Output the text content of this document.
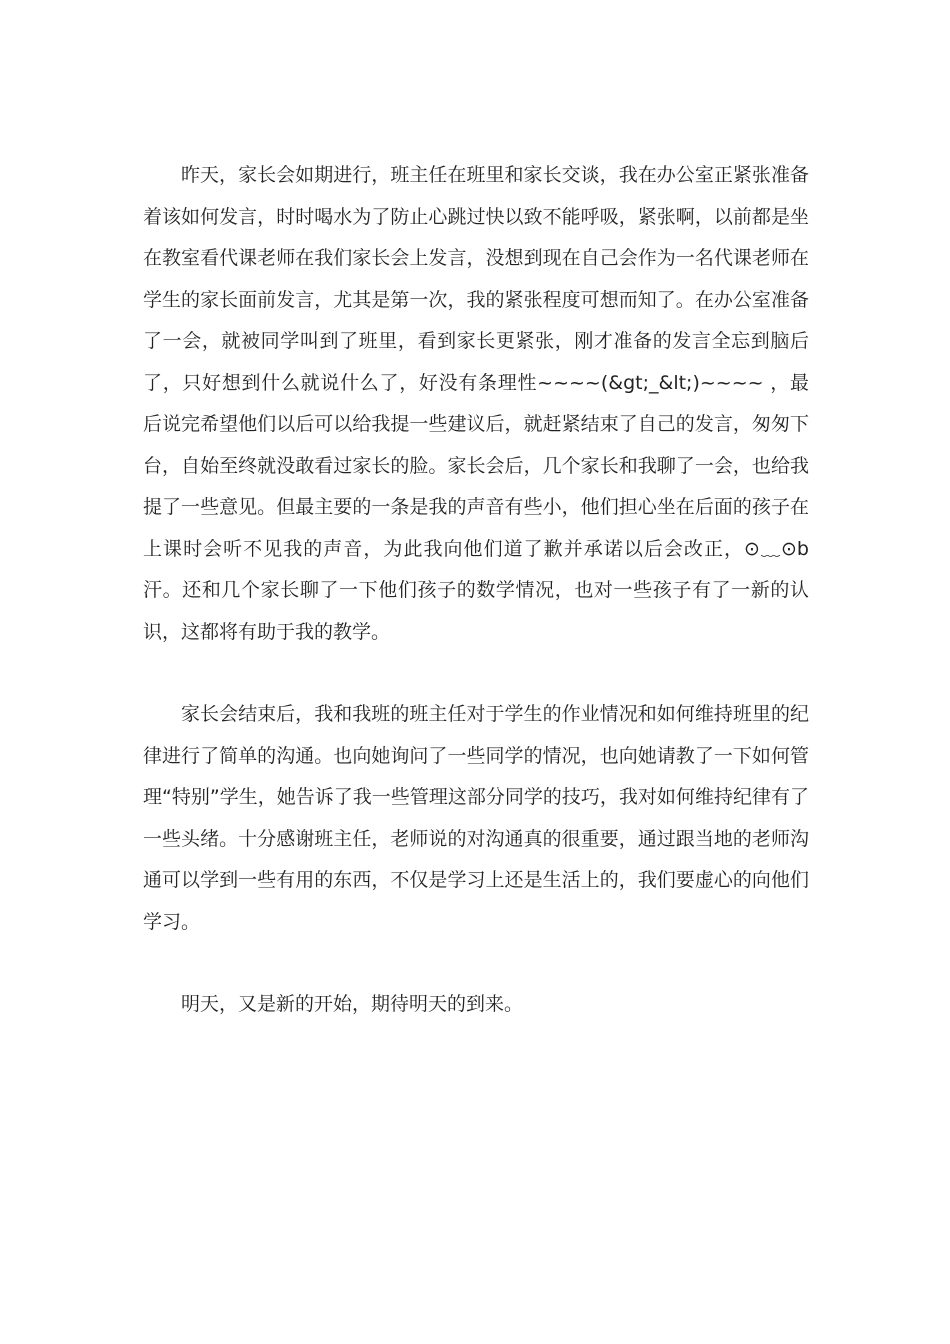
昨天，家长会如期进行，班主任在班里和家长交谈，我在办公室正紧张准备着该如何发言，时时喝水为了防止心跳过快以致不能呼吸，紧张啊，以前都是坐在教室看代课老师在我们家长会上发言，没想到现在自己会作为一名代课老师在学生的家长面前发言，尤其是第一次，我的紧张程度可想而知了。在办公室准备了一会，就被同学叫到了班里，看到家长更紧张，刚才准备的发言全忘到脑后了，只好想到什么就说什么了，好没有条理性~~~~(&gt;_&lt;)~~~~ ，最后说完希望他们以后可以给我提一些建议后，就赶紧结束了自己的发言，匆匆下台，自始至终就没敢看过家长的脸。家长会后，几个家长和我聊了一会，也给我提了一些意见。但最主要的一条是我的声音有些小，他们担心坐在后面的孩子在上课时会听不见我的声音，为此我向他们道了歉并承诺以后会改正，⊙﹏⊙b汗。还和几个家长聊了一下他们孩子的数学情况，也对一些孩子有了一新的认识，这都将有助于我的教学。

家长会结束后，我和我班的班主任对于学生的作业情况和如何维持班里的纪律进行了简单的沟通。也向她询问了一些同学的情况，也向她请教了一下如何管理“特别”学生，她告诉了我一些管理这部分同学的技巧，我对如何维持纪律有了一些头绪。十分感谢班主任，老师说的对沟通真的很重要，通过跟当地的老师沟通可以学到一些有用的东西，不仅是学习上还是生活上的，我们要虚心的向他们学习。

明天，又是新的开始，期待明天的到来。
